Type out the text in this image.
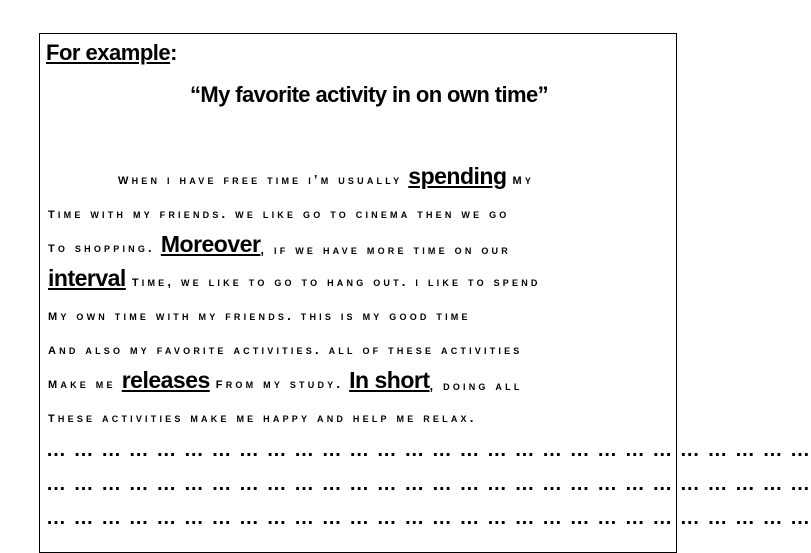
For example:
“My favorite activity in on own time”
when i have free time i’m usually spending my
time with my friends. we like go to cinema then we go
to shopping. Moreover , if we have more time on our
interval time, we like to go to hang out. i like to spend
my own time with my friends. this is my good time
and also my favorite activities. all of these activities
make me releases from my study. In short , doing all
these activities make me happy and help me relax.
… … … … … … … … … … … … … … … … … … … … … … … … … … … …
… … … … … … … … … … … … … … … … … … … … … … … … … … … …
… … … … … … … … … … … … … … … … … … … … … … … … … … … …
